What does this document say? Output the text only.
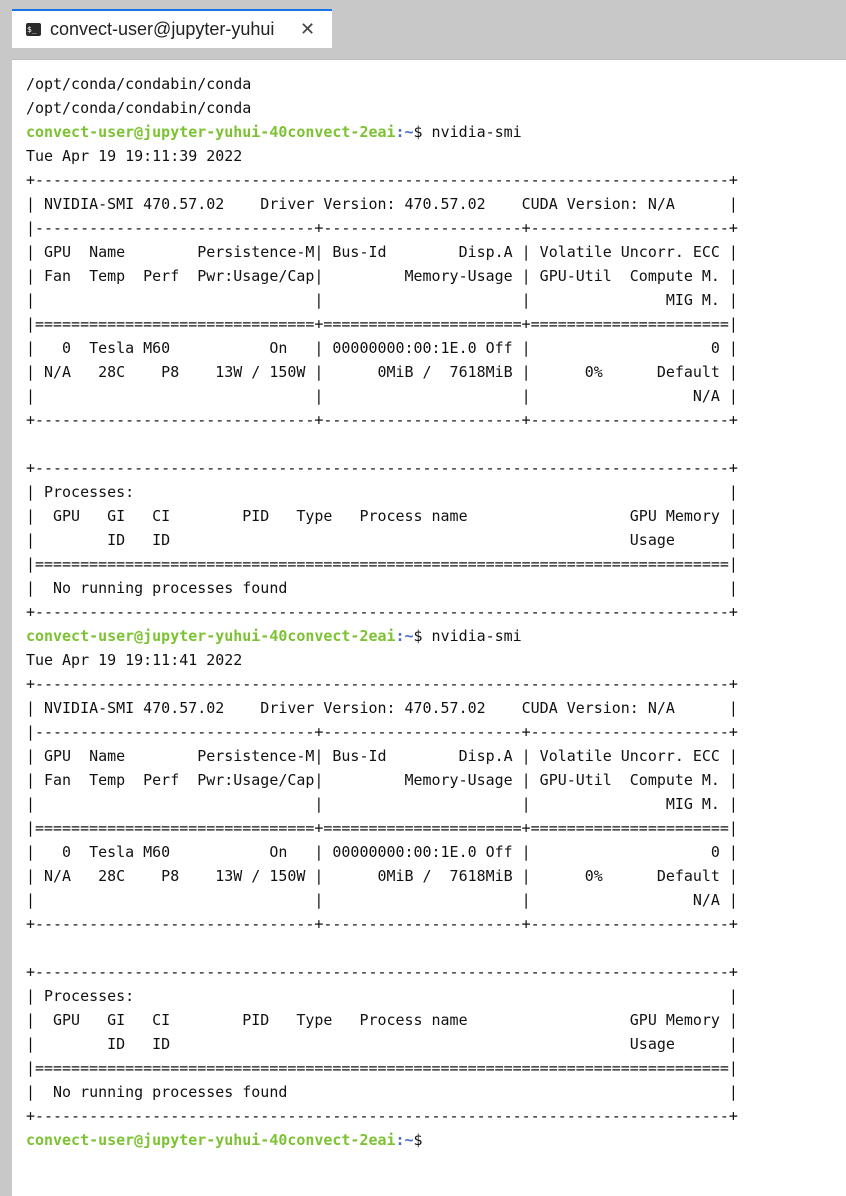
$_ convect-user@jupyter-yuhui	✕
/opt/conda/condabin/conda
/opt/conda/condabin/conda
convect-user@jupyter-yuhui-40convect-2eai:~$ nvidia-smi
Tue Apr 19 19:11:39 2022
+-----------------------------------------------------------------------------+
| NVIDIA-SMI 470.57.02    Driver Version: 470.57.02    CUDA Version: N/A      |
|-------------------------------+----------------------+----------------------+
| GPU  Name        Persistence-M| Bus-Id        Disp.A | Volatile Uncorr. ECC |
| Fan  Temp  Perf  Pwr:Usage/Cap|         Memory-Usage | GPU-Util  Compute M. |
|                               |                      |               MIG M. |
|===============================+======================+======================|
|   0  Tesla M60           On   | 00000000:00:1E.0 Off |                    0 |
| N/A   28C    P8    13W / 150W |      0MiB /  7618MiB |      0%      Default |
|                               |                      |                  N/A |
+-------------------------------+----------------------+----------------------+
+-----------------------------------------------------------------------------+
| Processes:                                                                  |
|  GPU   GI   CI        PID   Type   Process name                  GPU Memory |
|        ID   ID                                                   Usage      |
|=============================================================================|
|  No running processes found                                                 |
+-----------------------------------------------------------------------------+
convect-user@jupyter-yuhui-40convect-2eai:~$ nvidia-smi
Tue Apr 19 19:11:41 2022
+-----------------------------------------------------------------------------+
| NVIDIA-SMI 470.57.02    Driver Version: 470.57.02    CUDA Version: N/A      |
|-------------------------------+----------------------+----------------------+
| GPU  Name        Persistence-M| Bus-Id        Disp.A | Volatile Uncorr. ECC |
| Fan  Temp  Perf  Pwr:Usage/Cap|         Memory-Usage | GPU-Util  Compute M. |
|                               |                      |               MIG M. |
|===============================+======================+======================|
|   0  Tesla M60           On   | 00000000:00:1E.0 Off |                    0 |
| N/A   28C    P8    13W / 150W |      0MiB /  7618MiB |      0%      Default |
|                               |                      |                  N/A |
+-------------------------------+----------------------+----------------------+
+-----------------------------------------------------------------------------+
| Processes:                                                                  |
|  GPU   GI   CI        PID   Type   Process name                  GPU Memory |
|        ID   ID                                                   Usage      |
|=============================================================================|
|  No running processes found                                                 |
+-----------------------------------------------------------------------------+
convect-user@jupyter-yuhui-40convect-2eai:~$
